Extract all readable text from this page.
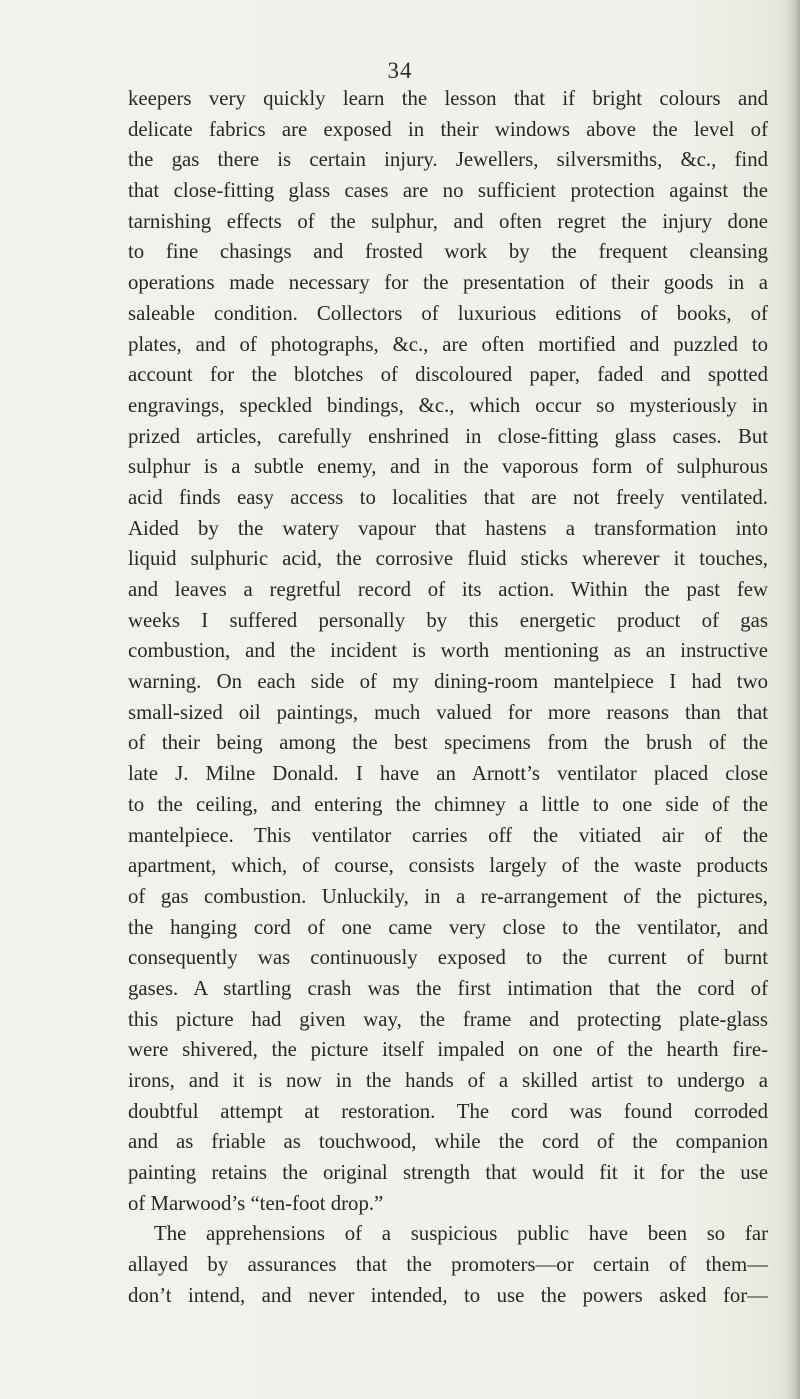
34
keepers very quickly learn the lesson that if bright colours and
delicate fabrics are exposed in their windows above the level of
the gas there is certain injury. Jewellers, silversmiths, &c., find
that close-fitting glass cases are no sufficient protection against the
tarnishing effects of the sulphur, and often regret the injury done
to fine chasings and frosted work by the frequent cleansing
operations made necessary for the presentation of their goods in a
saleable condition. Collectors of luxurious editions of books, of
plates, and of photographs, &c., are often mortified and puzzled to
account for the blotches of discoloured paper, faded and spotted
engravings, speckled bindings, &c., which occur so mysteriously in
prized articles, carefully enshrined in close-fitting glass cases. But
sulphur is a subtle enemy, and in the vaporous form of sulphurous
acid finds easy access to localities that are not freely ventilated.
Aided by the watery vapour that hastens a transformation into
liquid sulphuric acid, the corrosive fluid sticks wherever it touches,
and leaves a regretful record of its action. Within the past few
weeks I suffered personally by this energetic product of gas
combustion, and the incident is worth mentioning as an instructive
warning. On each side of my dining-room mantelpiece I had two
small-sized oil paintings, much valued for more reasons than that
of their being among the best specimens from the brush of the
late J. Milne Donald. I have an Arnott’s ventilator placed close
to the ceiling, and entering the chimney a little to one side of the
mantelpiece. This ventilator carries off the vitiated air of the
apartment, which, of course, consists largely of the waste products
of gas combustion. Unluckily, in a re-arrangement of the pictures,
the hanging cord of one came very close to the ventilator, and
consequently was continuously exposed to the current of burnt
gases. A startling crash was the first intimation that the cord of
this picture had given way, the frame and protecting plate-glass
were shivered, the picture itself impaled on one of the hearth fire-
irons, and it is now in the hands of a skilled artist to undergo a
doubtful attempt at restoration. The cord was found corroded
and as friable as touchwood, while the cord of the companion
painting retains the original strength that would fit it for the use
of Marwood’s “ten-foot drop.”
The apprehensions of a suspicious public have been so far
allayed by assurances that the promoters—or certain of them—
don’t intend, and never intended, to use the powers asked for—
